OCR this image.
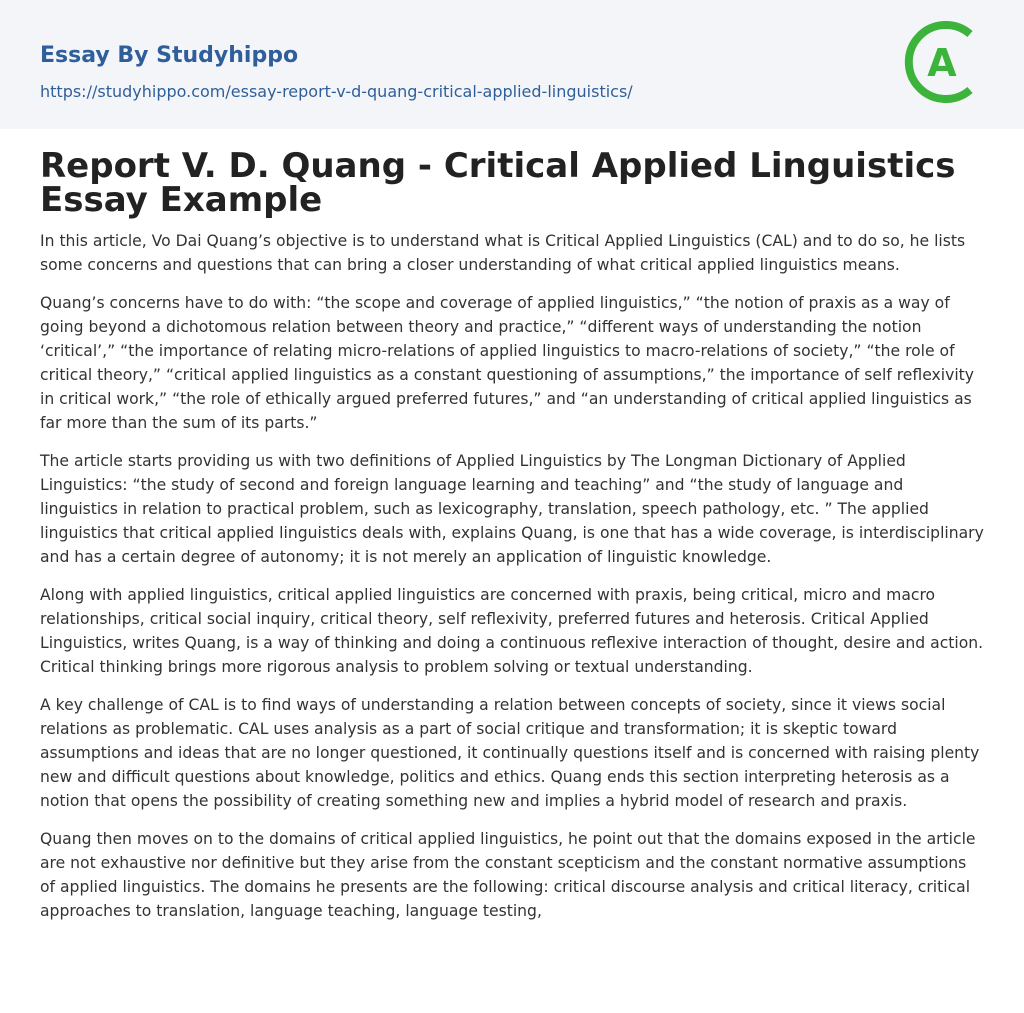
Essay By Studyhippo
https://studyhippo.com/essay-report-v-d-quang-critical-applied-linguistics/
A
Report V. D. Quang - Critical Applied Linguistics Essay Example

In this article, Vo Dai Quang’s objective is to understand what is Critical Applied Linguistics (CAL) and to do so, he lists some concerns and questions that can bring a closer understanding of what critical applied linguistics means.

Quang’s concerns have to do with: “the scope and coverage of applied linguistics,” “the notion of praxis as a way of going beyond a dichotomous relation between theory and practice,” “different ways of understanding the notion ‘critical’,” “the importance of relating micro-relations of applied linguistics to macro-relations of society,” “the role of critical theory,” “critical applied linguistics as a constant questioning of assumptions,” the importance of self reflexivity in critical work,” “the role of ethically argued preferred futures,” and “an understanding of critical applied linguistics as far more than the sum of its parts.”

The article starts providing us with two definitions of Applied Linguistics by The Longman Dictionary of Applied Linguistics: “the study of second and foreign language learning and teaching” and “the study of language and linguistics in relation to practical problem, such as lexicography, translation, speech pathology, etc. ” The applied linguistics that critical applied linguistics deals with, explains Quang, is one that has a wide coverage, is interdisciplinary and has a certain degree of autonomy; it is not merely an application of linguistic knowledge.

Along with applied linguistics, critical applied linguistics are concerned with praxis, being critical, micro and macro relationships, critical social inquiry, critical theory, self reflexivity, preferred futures and heterosis. Critical Applied Linguistics, writes Quang, is a way of thinking and doing a continuous reflexive interaction of thought, desire and action. Critical thinking brings more rigorous analysis to problem solving or textual understanding.

A key challenge of CAL is to find ways of understanding a relation between concepts of society, since it views social relations as problematic. CAL uses analysis as a part of social critique and transformation; it is skeptic toward assumptions and ideas that are no longer questioned, it continually questions itself and is concerned with raising plenty new and difficult questions about knowledge, politics and ethics. Quang ends this section interpreting heterosis as a notion that opens the possibility of creating something new and implies a hybrid model of research and praxis.

Quang then moves on to the domains of critical applied linguistics, he point out that the domains exposed in the article are not exhaustive nor definitive but they arise from the constant scepticism and the constant normative assumptions of applied linguistics. The domains he presents are the following: critical discourse analysis and critical literacy, critical approaches to translation, language teaching, language testing,
